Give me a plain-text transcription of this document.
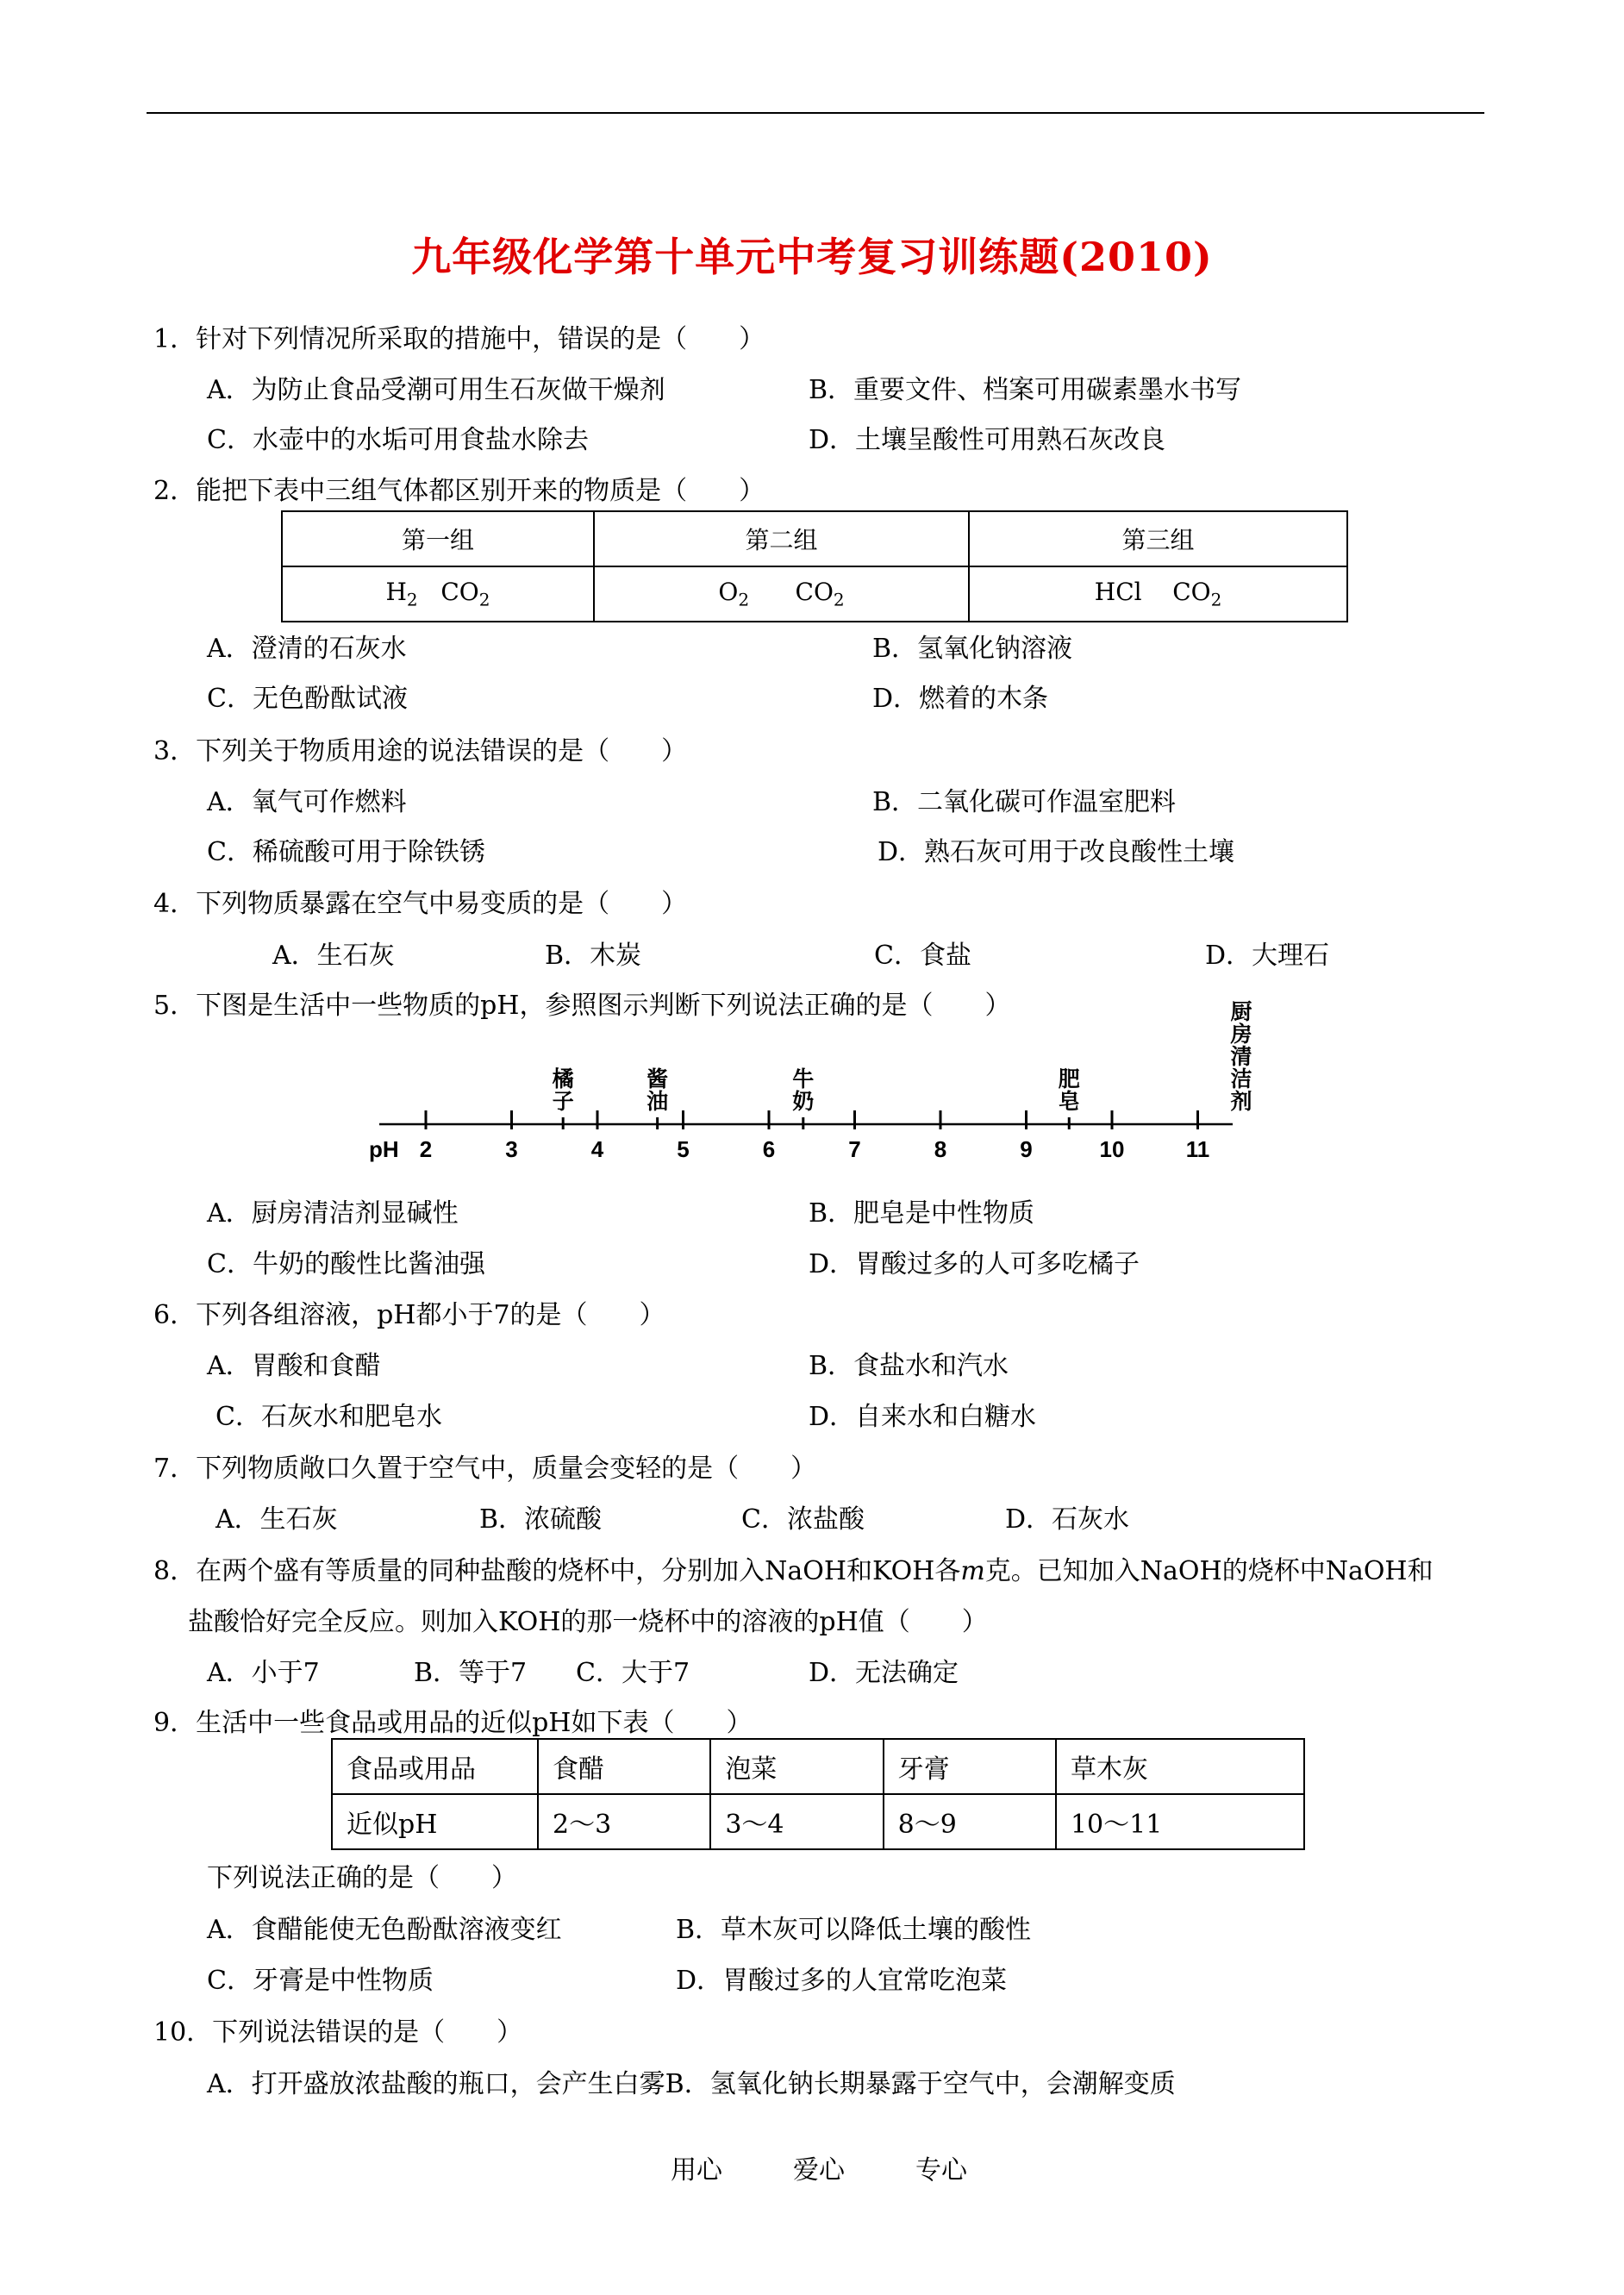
九年级化学第十单元中考复习训练题(2010)
1．针对下列情况所采取的措施中，错误的是（　　）
A．为防止食品受潮可用生石灰做干燥剂	B．重要文件、档案可用碳素墨水书写
C．水壶中的水垢可用食盐水除去	D．土壤呈酸性可用熟石灰改良
2．能把下表中三组气体都区别开来的物质是（　　）
第一组	第二组	第三组
$H_2$ $CO_2$	$O_2$ $CO_2$	HCl $CO_2$
A．澄清的石灰水	B．氢氧化钠溶液
C．无色酚酞试液	D．燃着的木条
3．下列关于物质用途的说法错误的是（　　）
A．氧气可作燃料	B．二氧化碳可作温室肥料
C．稀硫酸可用于除铁锈	D．熟石灰可用于改良酸性土壤
4．下列物质暴露在空气中易变质的是（　　）
A．生石灰	B．木炭	C．食盐	D．大理石
5．下图是生活中一些物质的pH，参照图示判断下列说法正确的是（　　）
pH 2	3	4	5	6	7	8	9	10	11
橘子
酱油
牛奶
肥皂
厨房清洁剂
A．厨房清洁剂显碱性	B．肥皂是中性物质
C．牛奶的酸性比酱油强	D．胃酸过多的人可多吃橘子
6．下列各组溶液，pH都小于7的是（　　）
A．胃酸和食醋	B．食盐水和汽水
C．石灰水和肥皂水	D．自来水和白糖水
7．下列物质敞口久置于空气中，质量会变轻的是（　　）
A．生石灰	B．浓硫酸	C．浓盐酸	D．石灰水
8．在两个盛有等质量的同种盐酸的烧杯中，分别加入NaOH和KOH各m克。已知加入NaOH的烧杯中NaOH和
盐酸恰好完全反应。则加入KOH的那一烧杯中的溶液的pH值（　　）
A．小于7	B．等于7 C．大于7	D．无法确定
9．生活中一些食品或用品的近似pH如下表（　　）
食品或用品	食醋	泡菜	牙膏	草木灰
近似pH	2～3	3～4	8～9	10～11
下列说法正确的是（　　）
A．食醋能使无色酚酞溶液变红	B．草木灰可以降低土壤的酸性
C．牙膏是中性物质	D．胃酸过多的人宜常吃泡菜
10．下列说法错误的是（　　）
A．打开盛放浓盐酸的瓶口，会产生白雾B．氢氧化钠长期暴露于空气中，会潮解变质
用心	爱心	专心
